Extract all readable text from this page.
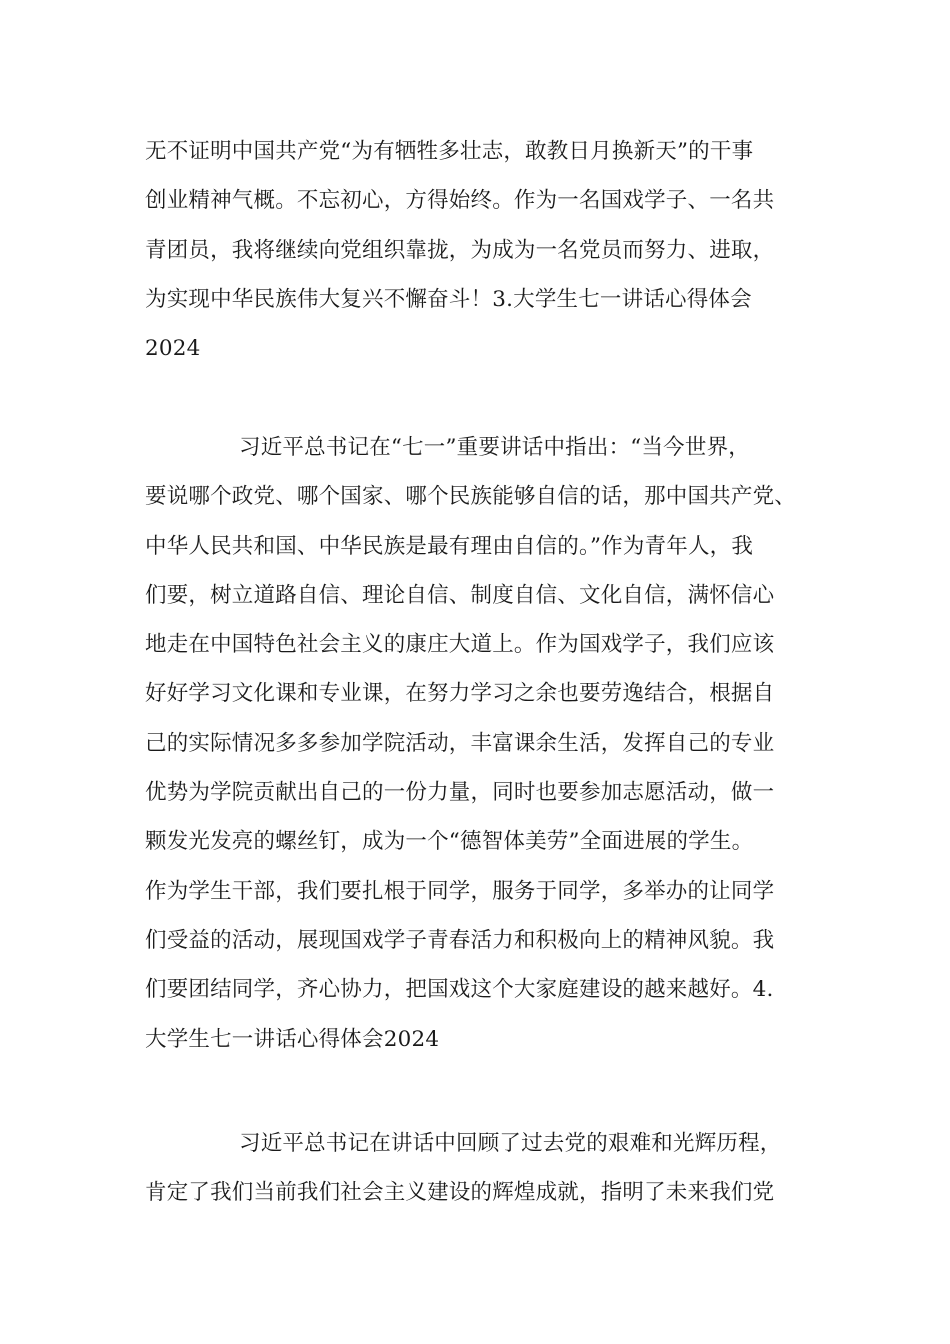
无不证明中国共产党“为有牺牲多壮志，敢教日月换新天”的干事
创业精神气概。不忘初心，方得始终。作为一名国戏学子、一名共
青团员，我将继续向党组织靠拢，为成为一名党员而努力、进取，
为实现中华民族伟大复兴不懈奋斗！3.大学生七一讲话心得体会
2024
习近平总书记在“七一”重要讲话中指出：“当今世界，
要说哪个政党、哪个国家、哪个民族能够自信的话，那中国共产党、
中华人民共和国、中华民族是最有理由自信的。”作为青年人，我
们要，树立道路自信、理论自信、制度自信、文化自信，满怀信心
地走在中国特色社会主义的康庄大道上。作为国戏学子，我们应该
好好学习文化课和专业课，在努力学习之余也要劳逸结合，根据自
己的实际情况多多参加学院活动，丰富课余生活，发挥自己的专业
优势为学院贡献出自己的一份力量，同时也要参加志愿活动，做一
颗发光发亮的螺丝钉，成为一个“德智体美劳”全面进展的学生。
作为学生干部，我们要扎根于同学，服务于同学，多举办的让同学
们受益的活动，展现国戏学子青春活力和积极向上的精神风貌。我
们要团结同学，齐心协力，把国戏这个大家庭建设的越来越好。4.
大学生七一讲话心得体会2024
习近平总书记在讲话中回顾了过去党的艰难和光辉历程，
肯定了我们当前我们社会主义建设的辉煌成就，指明了未来我们党
